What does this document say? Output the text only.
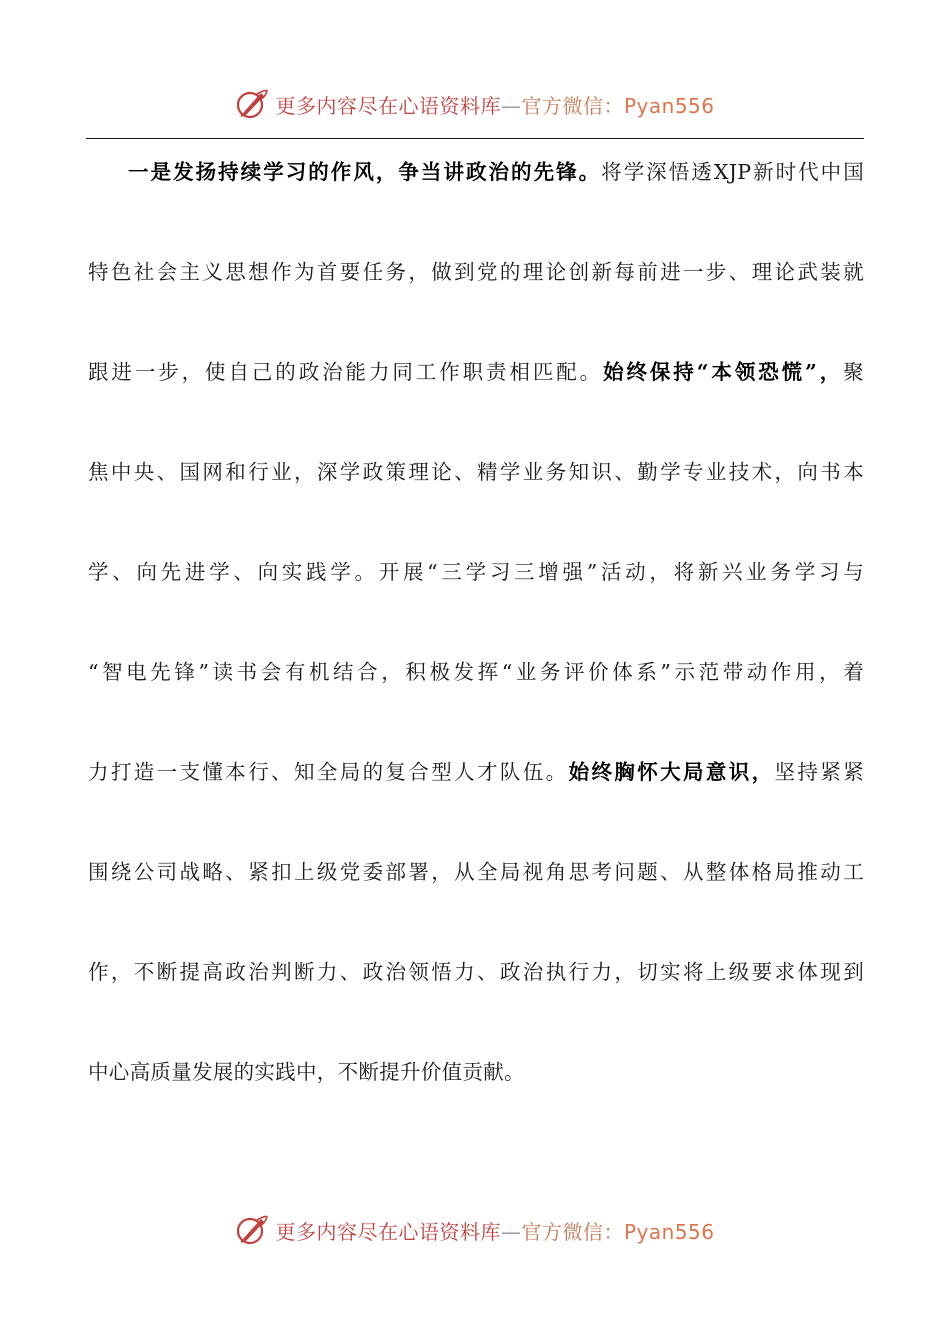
更多内容尽在心语资料库—官方微信：Pyan556
一是发扬持续学习的作风，争当讲政治的先锋。将学深悟透XJP新时代中国
特色社会主义思想作为首要任务，做到党的理论创新每前进一步、理论武装就
跟进一步，使自己的政治能力同工作职责相匹配。始终保持“本领恐慌”，聚
焦中央、国网和行业，深学政策理论、精学业务知识、勤学专业技术，向书本
学、向先进学、向实践学。开展“三学习三增强”活动，将新兴业务学习与
“智电先锋”读书会有机结合，积极发挥“业务评价体系”示范带动作用，着
力打造一支懂本行、知全局的复合型人才队伍。始终胸怀大局意识，坚持紧紧
围绕公司战略、紧扣上级党委部署，从全局视角思考问题、从整体格局推动工
作，不断提高政治判断力、政治领悟力、政治执行力，切实将上级要求体现到
中心高质量发展的实践中，不断提升价值贡献。
更多内容尽在心语资料库—官方微信：Pyan556
